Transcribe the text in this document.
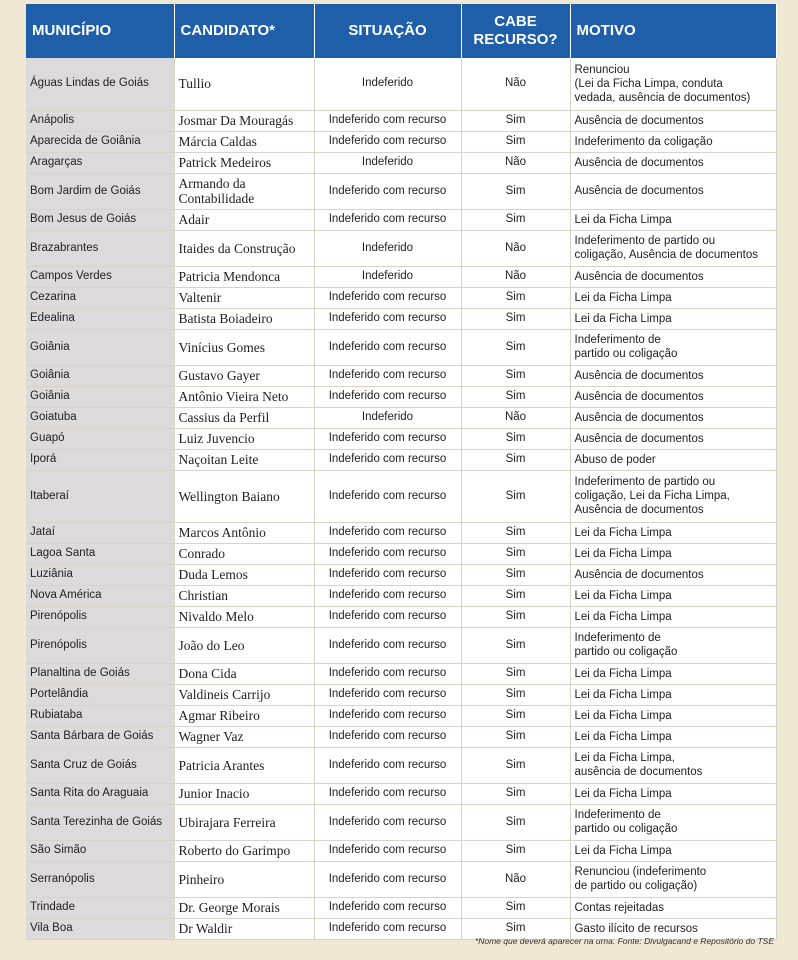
MUNICÍPIO	CANDIDATO*	SITUAÇÃO	CABE
RECURSO?	MOTIVO
Águas Lindas de Goiás	Tullio	Indeferido	Não	Renunciou
(Lei da Ficha Limpa, conduta
vedada, ausência de documentos)
Anápolis	Josmar Da Mouragás	Indeferido com recurso	Sim	Ausência de documentos
Aparecida de Goiânia	Márcia Caldas	Indeferido com recurso	Sim	Indeferimento da coligação
Aragarças	Patrick Medeiros	Indeferido	Não	Ausência de documentos
Bom Jardim de Goiás	Armando da
Contabilidade	Indeferido com recurso	Sim	Ausência de documentos
Bom Jesus de Goiás	Adair	Indeferido com recurso	Sim	Lei da Ficha Limpa
Brazabrantes	Itaides da Construção	Indeferido	Não	Indeferimento de partido ou
coligação, Ausência de documentos
Campos Verdes	Patricia Mendonca	Indeferido	Não	Ausência de documentos
Cezarina	Valtenir	Indeferido com recurso	Sim	Lei da Ficha Limpa
Edealina	Batista Boiadeiro	Indeferido com recurso	Sim	Lei da Ficha Limpa
Goiânia	Vinícius Gomes	Indeferido com recurso	Sim	Indeferimento de
partido ou coligação
Goiânia	Gustavo Gayer	Indeferido com recurso	Sim	Ausência de documentos
Goiânia	Antônio Vieira Neto	Indeferido com recurso	Sim	Ausência de documentos
Goiatuba	Cassius da Perfil	Indeferido	Não	Ausência de documentos
Guapó	Luiz Juvencio	Indeferido com recurso	Sim	Ausência de documentos
Iporá	Naçoitan Leite	Indeferido com recurso	Sim	Abuso de poder
Itaberaí	Wellington Baiano	Indeferido com recurso	Sim	Indeferimento de partido ou
coligação, Lei da Ficha Limpa,
Ausência de documentos
Jataí	Marcos Antônio	Indeferido com recurso	Sim	Lei da Ficha Limpa
Lagoa Santa	Conrado	Indeferido com recurso	Sim	Lei da Ficha Limpa
Luziânia	Duda Lemos	Indeferido com recurso	Sim	Ausência de documentos
Nova América	Christian	Indeferido com recurso	Sim	Lei da Ficha Limpa
Pirenópolis	Nivaldo Melo	Indeferido com recurso	Sim	Lei da Ficha Limpa
Pirenópolis	João do Leo	Indeferido com recurso	Sim	Indeferimento de
partido ou coligação
Planaltina de Goiás	Dona Cida	Indeferido com recurso	Sim	Lei da Ficha Limpa
Portelândia	Valdineis Carrijo	Indeferido com recurso	Sim	Lei da Ficha Limpa
Rubiataba	Agmar Ribeiro	Indeferido com recurso	Sim	Lei da Ficha Limpa
Santa Bárbara de Goiás	Wagner Vaz	Indeferido com recurso	Sim	Lei da Ficha Limpa
Santa Cruz de Goiás	Patricia Arantes	Indeferido com recurso	Sim	Lei da Ficha Limpa,
ausência de documentos
Santa Rita do Araguaia	Junior Inacio	Indeferido com recurso	Sim	Lei da Ficha Limpa
Santa Terezinha de Goiás	Ubirajara Ferreira	Indeferido com recurso	Sim	Indeferimento de
partido ou coligação
São Simão	Roberto do Garimpo	Indeferido com recurso	Sim	Lei da Ficha Limpa
Serranópolis	Pinheiro	Indeferido com recurso	Não	Renunciou (indeferimento
de partido ou coligação)
Trindade	Dr. George Morais	Indeferido com recurso	Sim	Contas rejeitadas
Vila Boa	Dr Waldir	Indeferido com recurso	Sim	Gasto ilícito de recursos
*Nome que deverá aparecer na urna. Fonte: Divulgacand e Repositório do TSE
